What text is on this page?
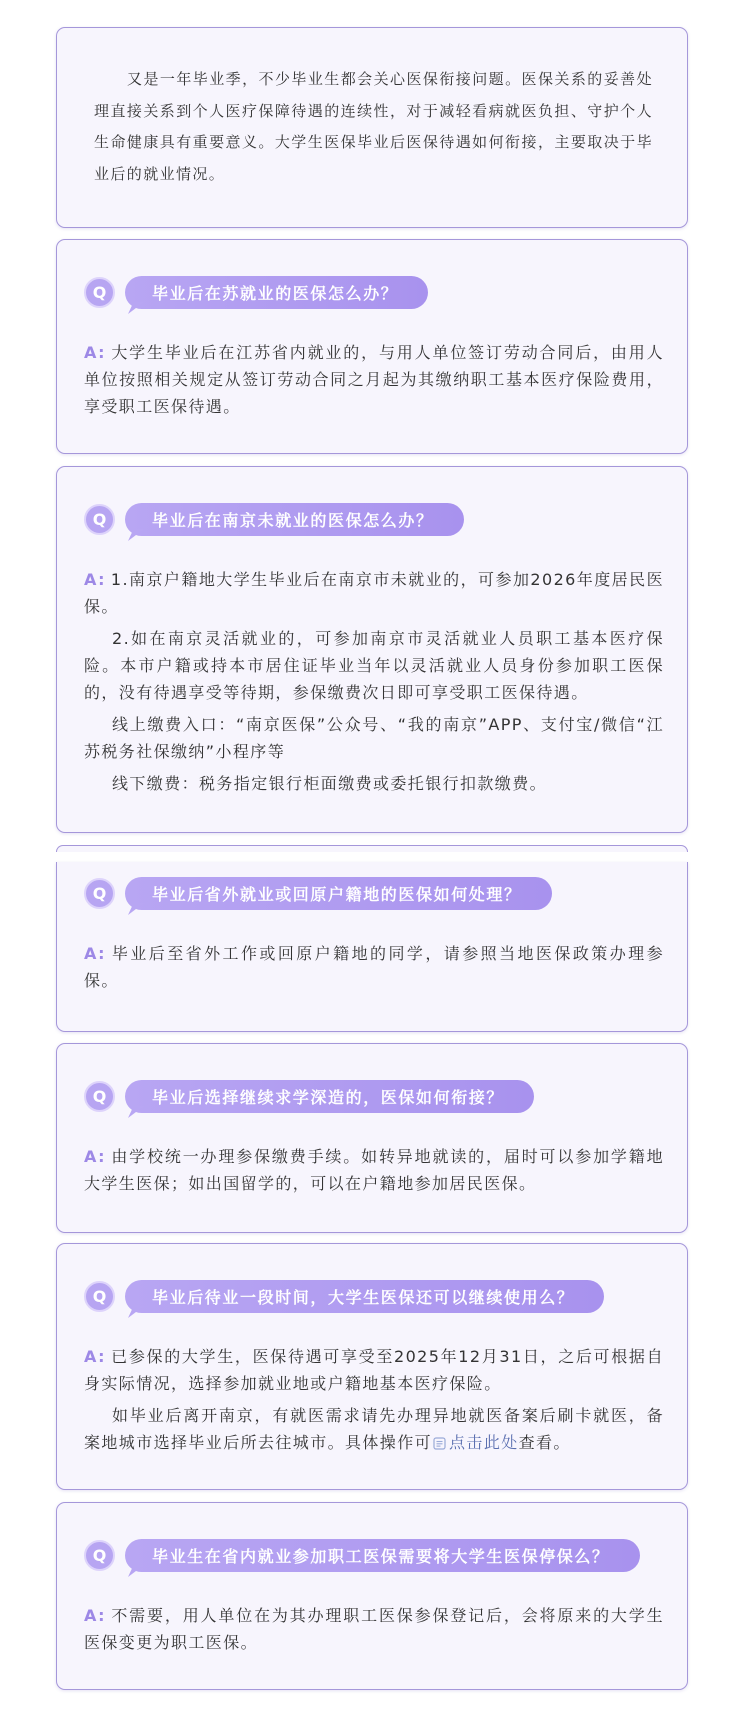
又是一年毕业季，不少毕业生都会关心医保衔接问题。医保关系的妥善处理直接关系到个人医疗保障待遇的连续性，对于减轻看病就医负担、守护个人生命健康具有重要意义。大学生医保毕业后医保待遇如何衔接，主要取决于毕业后的就业情况。

Q	毕业后在苏就业的医保怎么办？

A: 大学生毕业后在江苏省内就业的，与用人单位签订劳动合同后，由用人单位按照相关规定从签订劳动合同之月起为其缴纳职工基本医疗保险费用，享受职工医保待遇。

Q	毕业后在南京未就业的医保怎么办？

A: 1.南京户籍地大学生毕业后在南京市未就业的，可参加2026年度居民医保。

2.如在南京灵活就业的，可参加南京市灵活就业人员职工基本医疗保险。本市户籍或持本市居住证毕业当年以灵活就业人员身份参加职工医保的，没有待遇享受等待期，参保缴费次日即可享受职工医保待遇。

线上缴费入口：“南京医保”公众号、“我的南京”APP、支付宝/微信“江苏税务社保缴纳”小程序等

线下缴费：税务指定银行柜面缴费或委托银行扣款缴费。

Q	毕业后省外就业或回原户籍地的医保如何处理？

A: 毕业后至省外工作或回原户籍地的同学，请参照当地医保政策办理参保。

Q	毕业后选择继续求学深造的，医保如何衔接？

A: 由学校统一办理参保缴费手续。如转异地就读的，届时可以参加学籍地大学生医保；如出国留学的，可以在户籍地参加居民医保。

Q	毕业后待业一段时间，大学生医保还可以继续使用么？

A: 已参保的大学生，医保待遇可享受至2025年12月31日，之后可根据自身实际情况，选择参加就业地或户籍地基本医疗保险。

如毕业后离开南京，有就医需求请先办理异地就医备案后刷卡就医，备案地城市选择毕业后所去往城市。具体操作可 点击此处查看。

Q	毕业生在省内就业参加职工医保需要将大学生医保停保么？

A: 不需要，用人单位在为其办理职工医保参保登记后，会将原来的大学生医保变更为职工医保。
